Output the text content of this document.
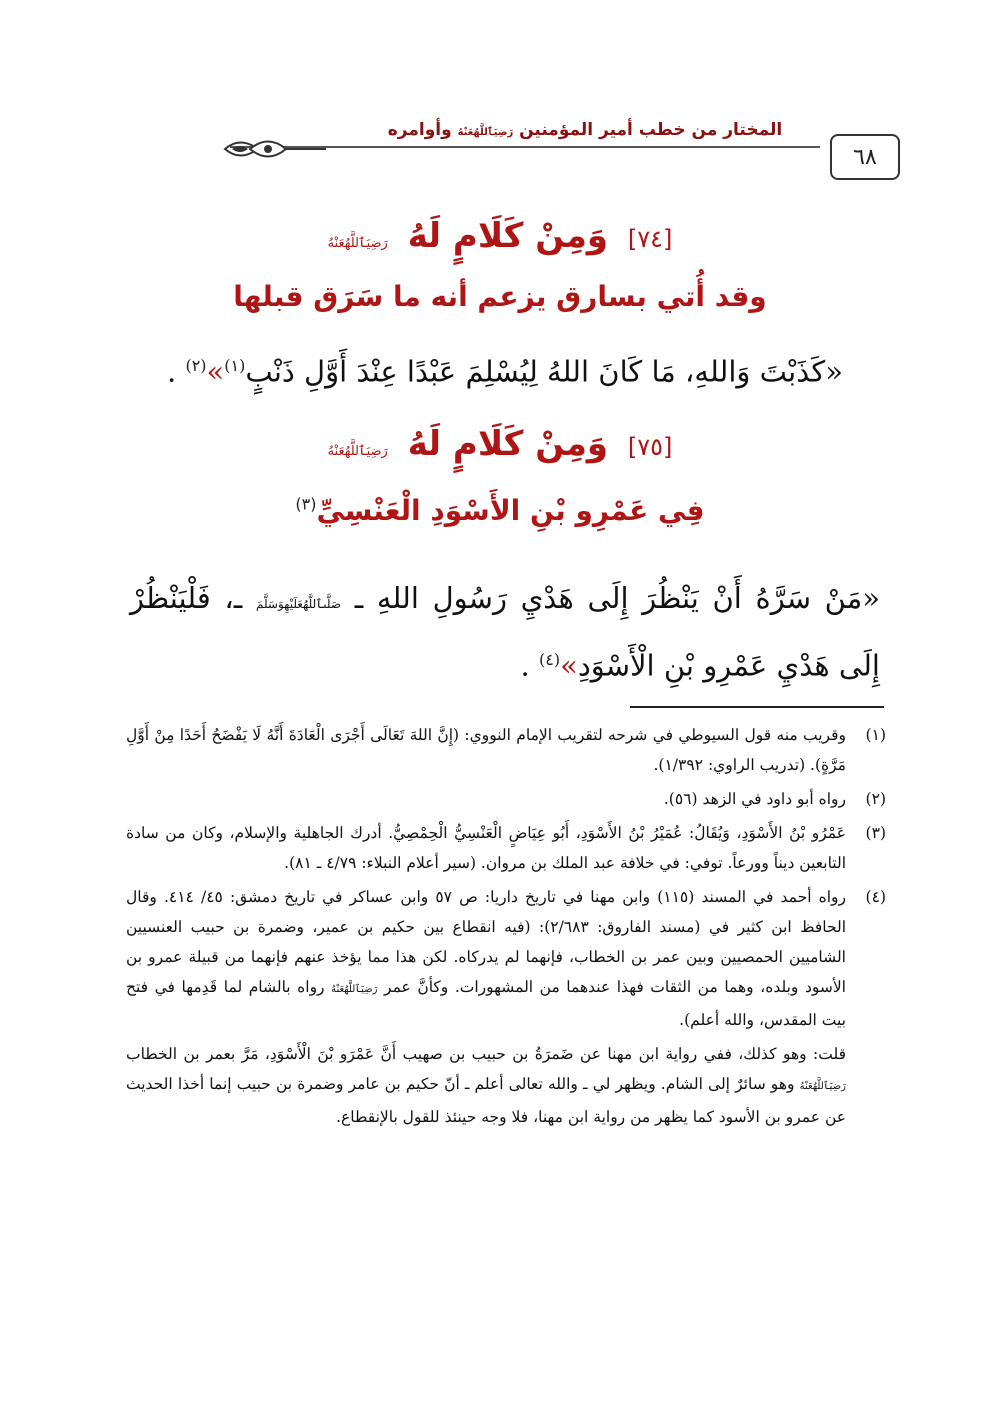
٦٨
المختار من خطب أمير المؤمنين رَضِيَٱللَّهُعَنْهُ وأوامره
[٧٤] وَمِنْ كَلَامٍ لَهُ رَضِيَٱللَّهُعَنْهُ
وقد أُتي بسارق يزعم أنه ما سَرَق قبلها
«كَذَبْتَ وَاللهِ، مَا كَانَ اللهُ لِيُسْلِمَ عَبْدًا عِنْدَ أَوَّلِ ذَنْبٍ$^{(١)}$»$^{(٢)}$ .
[٧٥] وَمِنْ كَلَامٍ لَهُ رَضِيَٱللَّهُعَنْهُ
فِي عَمْرِو بْنِ الأَسْوَدِ الْعَنْسِيِّ$^{(٣)}$
«مَنْ سَرَّهُ أَنْ يَنْظُرَ إِلَى هَدْيِ رَسُولِ اللهِ ـ صَلَّىٱللَّهُعَلَيْهِوَسَلَّمَ ـ، فَلْيَنْظُرْ إِلَى هَدْيِ عَمْرِو بْنِ الْأَسْوَدِ»$^{(٤)}$ .
(١)
وقريب منه قول السيوطي في شرحه لتقريب الإمام النووي: (إِنَّ اللهَ تَعَالَى أَجْرَى الْعَادَةَ أَنَّهُ لَا يَفْضَحُ أَحَدًا مِنْ أَوَّلِ مَرَّةٍ). (تدريب الراوي: ١/٣٩٢).
(٢)
رواه أبو داود في الزهد (٥٦).
(٣)
عَمْرُو بْنُ الأَسْوَدِ، وَيُقَالُ: عُمَيْرُ بْنُ الأَسْوَدِ، أَبُو عِيَاضٍ الْعَنْسِيُّ الْحِمْصِيُّ. أدرك الجاهلية والإسلام، وكان من سادة التابعين ديناً وورعاً. توفي: في خلافة عبد الملك بن مروان. (سير أعلام النبلاء: ٤/٧٩ ـ ٨١).
(٤)
رواه أحمد في المسند (١١٥) وابن مهنا في تاريخ داريا: ص ٥٧ وابن عساكر في تاريخ دمشق: ٤٥/ ٤١٤. وقال الحافظ ابن كثير في (مسند الفاروق: ٢/٦٨٣): (فيه انقطاع بين حكيم بن عمير، وضمرة بن حبيب العنسيين الشاميين الحمصيين وبين عمر بن الخطاب، فإنهما لم يدركاه. لكن هذا مما يؤخذ عنهم فإنهما من قبيلة عمرو بن الأسود وبلده، وهما من الثقات فهذا عندهما من المشهورات. وكأنَّ عمر رَضِيَٱللَّهُعَنْهُ رواه بالشام لما قَدِمها في فتح بيت المقدس، والله أعلم).
قلت: وهو كذلك، ففي رواية ابن مهنا عن ضَمرَةُ بن حبيب بن صهيب أَنَّ عَمْرَو بْنَ الْأَسْوَدِ، مَرَّ بعمر بن الخطاب رَضِيَٱللَّهُعَنْهُ وهو سائرٌ إلى الشام. ويظهر لي ـ والله تعالى أعلم ـ أنّ حكيم بن عامر وضمرة بن حبيب إنما أخذا الحديث عن عمرو بن الأسود كما يظهر من رواية ابن مهنا، فلا وجه حينئذ للقول بالإنقطاع.
